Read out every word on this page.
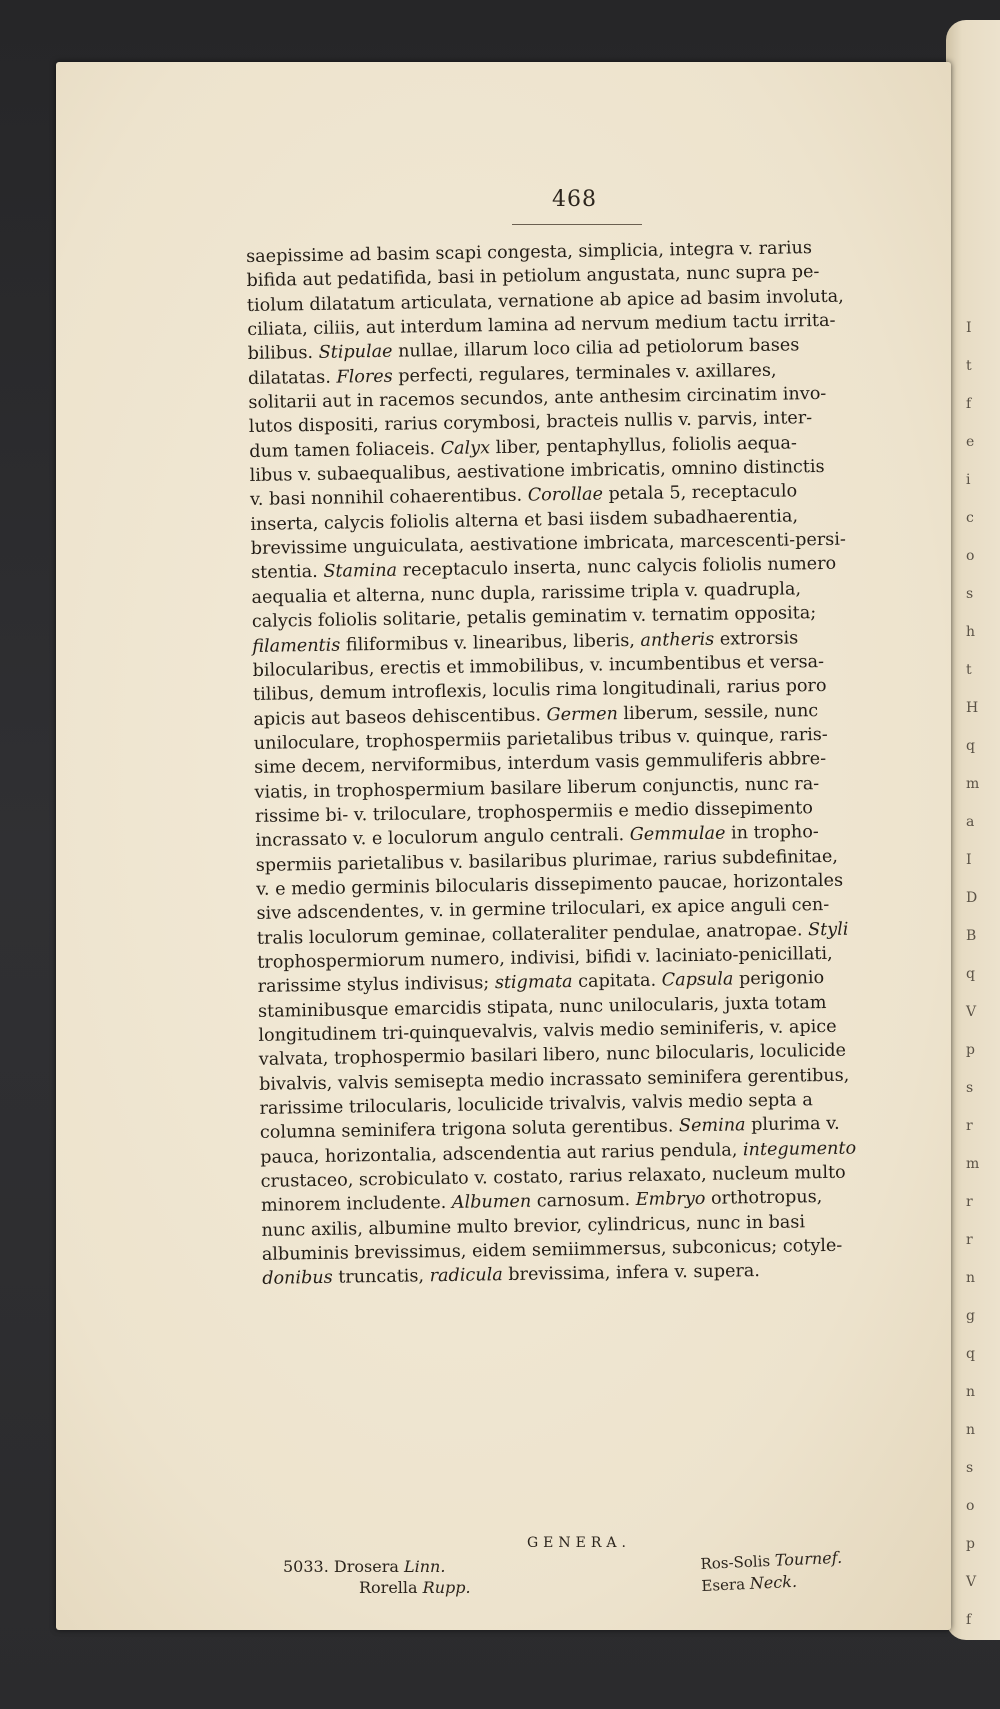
I
t
f
e
i
c
o
s
h
t
H
q
m
a
I
D
B
q
V
p
s
r
m
r
r
n
g
q
n
n
s
o
p
V
f
468
saepissime ad basim scapi congesta, simplicia, integra v. rarius
bifida aut pedatifida, basi in petiolum angustata, nunc supra pe-
tiolum dilatatum articulata, vernatione ab apice ad basim involuta,
ciliata, ciliis, aut interdum lamina ad nervum medium tactu irrita-
bilibus. Stipulae nullae, illarum loco cilia ad petiolorum bases
dilatatas. Flores perfecti, regulares, terminales v. axillares,
solitarii aut in racemos secundos, ante anthesim circinatim invo-
lutos dispositi, rarius corymbosi, bracteis nullis v. parvis, inter-
dum tamen foliaceis. Calyx liber, pentaphyllus, foliolis aequa-
libus v. subaequalibus, aestivatione imbricatis, omnino distinctis
v. basi nonnihil cohaerentibus. Corollae petala 5, receptaculo
inserta, calycis foliolis alterna et basi iisdem subadhaerentia,
brevissime unguiculata, aestivatione imbricata, marcescenti-persi-
stentia. Stamina receptaculo inserta, nunc calycis foliolis numero
aequalia et alterna, nunc dupla, rarissime tripla v. quadrupla,
calycis foliolis solitarie, petalis geminatim v. ternatim opposita;
filamentis filiformibus v. linearibus, liberis, antheris extrorsis
bilocularibus, erectis et immobilibus, v. incumbentibus et versa-
tilibus, demum introflexis, loculis rima longitudinali, rarius poro
apicis aut baseos dehiscentibus. Germen liberum, sessile, nunc
uniloculare, trophospermiis parietalibus tribus v. quinque, raris-
sime decem, nerviformibus, interdum vasis gemmuliferis abbre-
viatis, in trophospermium basilare liberum conjunctis, nunc ra-
rissime bi- v. triloculare, trophospermiis e medio dissepimento
incrassato v. e loculorum angulo centrali. Gemmulae in tropho-
spermiis parietalibus v. basilaribus plurimae, rarius subdefinitae,
v. e medio germinis bilocularis dissepimento paucae, horizontales
sive adscendentes, v. in germine triloculari, ex apice anguli cen-
tralis loculorum geminae, collateraliter pendulae, anatropae. Styli
trophospermiorum numero, indivisi, bifidi v. laciniato-penicillati,
rarissime stylus indivisus; stigmata capitata. Capsula perigonio
staminibusque emarcidis stipata, nunc unilocularis, juxta totam
longitudinem tri-quinquevalvis, valvis medio seminiferis, v. apice
valvata, trophospermio basilari libero, nunc bilocularis, loculicide
bivalvis, valvis semisepta medio incrassato seminifera gerentibus,
rarissime trilocularis, loculicide trivalvis, valvis medio septa a
columna seminifera trigona soluta gerentibus. Semina plurima v.
pauca, horizontalia, adscendentia aut rarius pendula, integumento
crustaceo, scrobiculato v. costato, rarius relaxato, nucleum multo
minorem includente. Albumen carnosum. Embryo orthotropus,
nunc axilis, albumine multo brevior, cylindricus, nunc in basi
albuminis brevissimus, eidem semiimmersus, subconicus; cotyle-
donibus truncatis, radicula brevissima, infera v. supera.
GENERA.
5033. Drosera Linn.
Rorella Rupp.
Ros-Solis Tournef.
Esera Neck.
